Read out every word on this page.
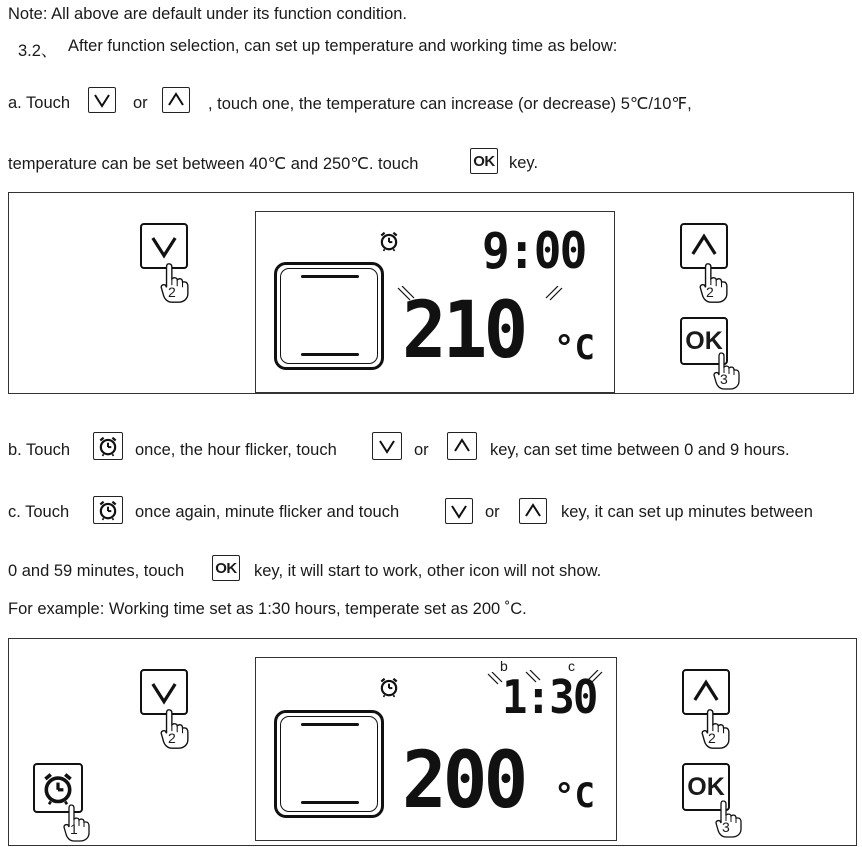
Note: All above are default under its function condition.
3.2、 After function selection, can set up temperature and working time as below:
a. Touch	or	, touch one, the temperature can increase (or decrease) 5℃/10℉,
temperature can be set between 40℃ and 250℃. touch	OK key.
2
9:00
210 °C
2
OK
3
b. Touch	once, the hour flicker, touch	or	key, can set time between 0 and 9 hours.
c. Touch	once again, minute flicker and touch	or	key, it can set up minutes between
0 and 59 minutes, touch OK key, it will start to work, other icon will not show.
For example: Working time set as 1:30 hours, temperate set as 200 ˚C.
2
1
b	c
1:30
200 °C
2
OK
3
